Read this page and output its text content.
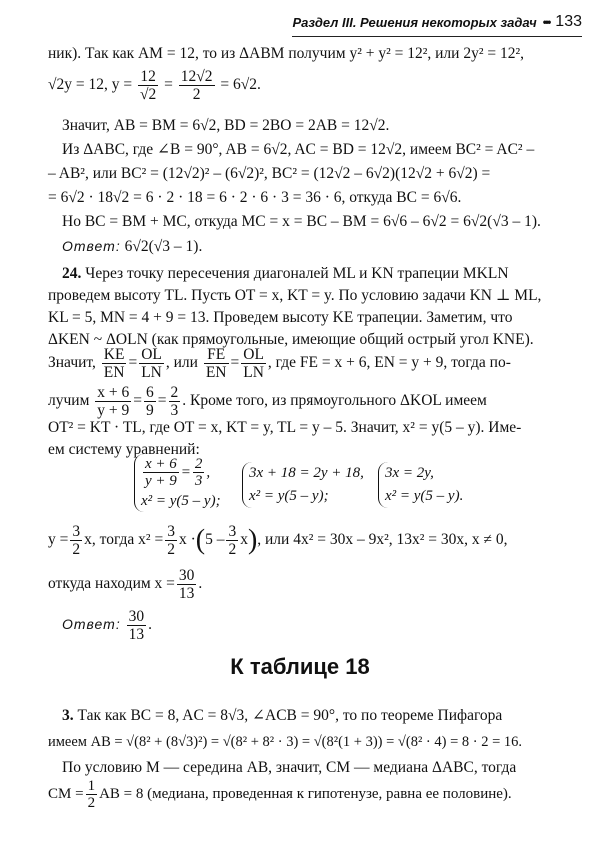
Раздел III. Решения некоторых задач ••• 133
ник). Так как AM = 12, то из ΔABM получим y² + y² = 12², или 2y² = 12²,
√2y = 12, $y = \frac{12}{√2} = \frac{12√2}{2} = 6√2$.
Значит, AB = BM = 6√2, BD = 2BO = 2AB = 12√2.
Из ΔABC, где ∠B = 90°, AB = 6√2, AC = BD = 12√2, имеем BC² = AC² –
– AB², или BC² = (12√2)² – (6√2)², BC² = (12√2 – 6√2)(12√2 + 6√2) =
= 6√2 · 18√2 = 6 · 2 · 18 = 6 · 2 · 6 · 3 = 36 · 6, откуда BC = 6√6.
Но BC = BM + MC, откуда MC = x = BC – BM = 6√6 – 6√2 = 6√2(√3 – 1).
Ответ: 6√2(√3 – 1).
24. Через точку пересечения диагоналей ML и KN трапеции MKLN
проведем высоту TL. Пусть OT = x, KT = y. По условию задачи KN ⊥ ML,
KL = 5, MN = 4 + 9 = 13. Проведем высоту KE трапеции. Заметим, что
ΔKEN ~ ΔOLN (как прямоугольные, имеющие общий острый угол KNE).
Значит, $\frac{KE}{EN} = \frac{OL}{LN}$ , или $\frac{FE}{EN} = \frac{OL}{LN}$ , где FE = x + 6, EN = y + 9, тогда по-
лучим $\frac{x + 6}{y + 9} = \frac{6}{9} = \frac{2}{3}$ . Кроме того, из прямоугольного ΔKOL имеем
OT² = KT · TL, где OT = x, KT = y, TL = y – 5. Значит, x² = y(5 – y). Име-
ем систему уравнений:
$\frac{x + 6}{y + 9} = \frac{2}{3}$ ,
x² = y(5 – y);
3x + 18 = 2y + 18,
x² = y(5 – y);
3x = 2y,
x² = y(5 – y).
$y = \frac{3}{2} x$, тогда $x^2 = \frac{3}{2}$ $x \cdot(5 - \frac{3}{2} x)$, или 4x² = 30x – 9x², 13x² = 30x, x ≠ 0,
откуда находим $x = \frac{30}{13}$ .
Ответ: $\frac{30}{13}$ .
К таблице 18
3. Так как BC = 8, AC = 8√3, ∠ACB = 90°, то по теореме Пифагора
имеем AB = √(8² + (8√3)²) = √(8² + 8² · 3) = √(8²(1 + 3)) = √(8² · 4) = 8 · 2 = 16.
По условию M — середина AB, значит, CM — медиана ΔABC, тогда
CM = $\frac{1}{2}$ AB = 8 (медиана, проведенная к гипотенузе, равна ее половине).
